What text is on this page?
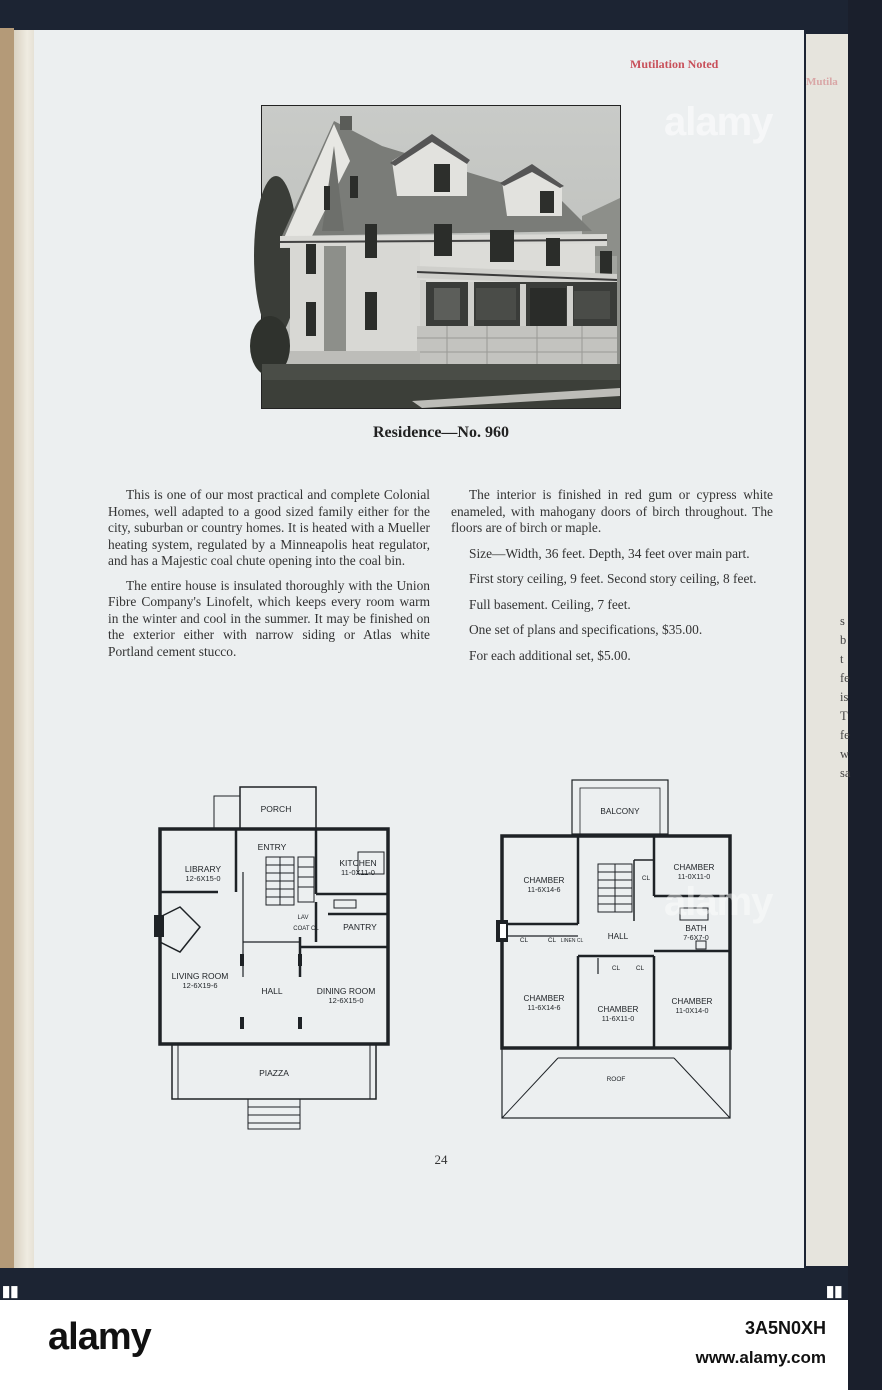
Mutila
s
b
t
fe
is
T
fe
w
sa
Mutilation Noted
Residence—No. 960

This is one of our most practical and complete Colonial Homes, well adapted to a good sized family either for the city, suburban or country homes. It is heated with a Mueller heating system, regulated by a Minneapolis heat regulator, and has a Majestic coal chute opening into the coal bin.

The entire house is insulated thoroughly with the Union Fibre Company's Linofelt, which keeps every room warm in the winter and cool in the summer. It may be finished on the exterior either with narrow siding or Atlas white Portland cement stucco.

The interior is finished in red gum or cypress white enameled, with mahogany doors of birch throughout. The floors are of birch or maple.

Size—Width, 36 feet. Depth, 34 feet over main part.

First story ceiling, 9 feet. Second story ceiling, 8 feet.

Full basement. Ceiling, 7 feet.

One set of plans and specifications, $35.00.

For each additional set, $5.00.

PORCH
ENTRY
LIBRARY
12-6X15-0
KITCHEN
11-0X11-0
PANTRY
LAV
COAT CL
LIVING ROOM
12-6X19-6
HALL	DINING ROOM
12-6X15-0
PIAZZA
BALCONY
CHAMBER
11-6X14-6
CHAMBER
11-0X11-0
HALL
CL
CL	CL LINEN CL
CL CL
BATH
7-6X7-0
CHAMBER
11-6X14-6	CHAMBER
11-6X11-0
CHAMBER
11-0X14-0
ROOF
24
alamy
alamy
▮▮	▮▮
alamy	3A5N0XH
www.alamy.com
